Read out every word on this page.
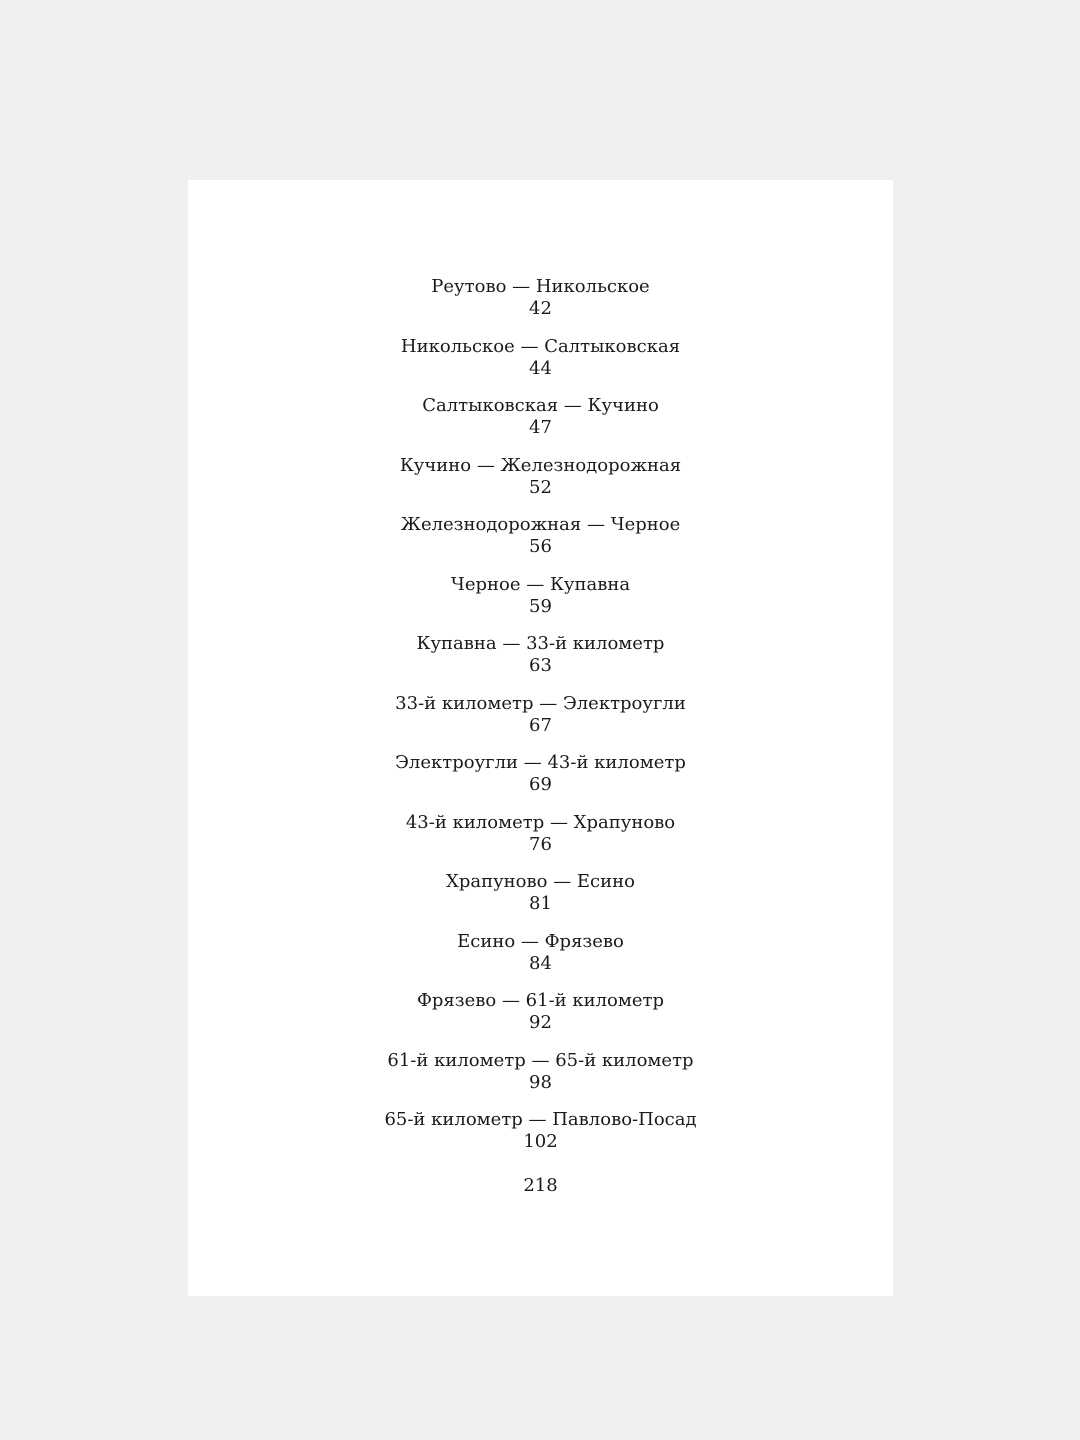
Реутово — Никольское
42
Никольское — Салтыковская
44
Салтыковская — Кучино
47
Кучино — Железнодорожная
52
Железнодорожная — Черное
56
Черное — Купавна
59
Купавна — 33-й километр
63
33-й километр — Электроугли
67
Электроугли — 43-й километр
69
43-й километр — Храпуново
76
Храпуново — Есино
81
Есино — Фрязево
84
Фрязево — 61-й километр
92
61-й километр — 65-й километр
98
65-й километр — Павлово-Посад
102
218
